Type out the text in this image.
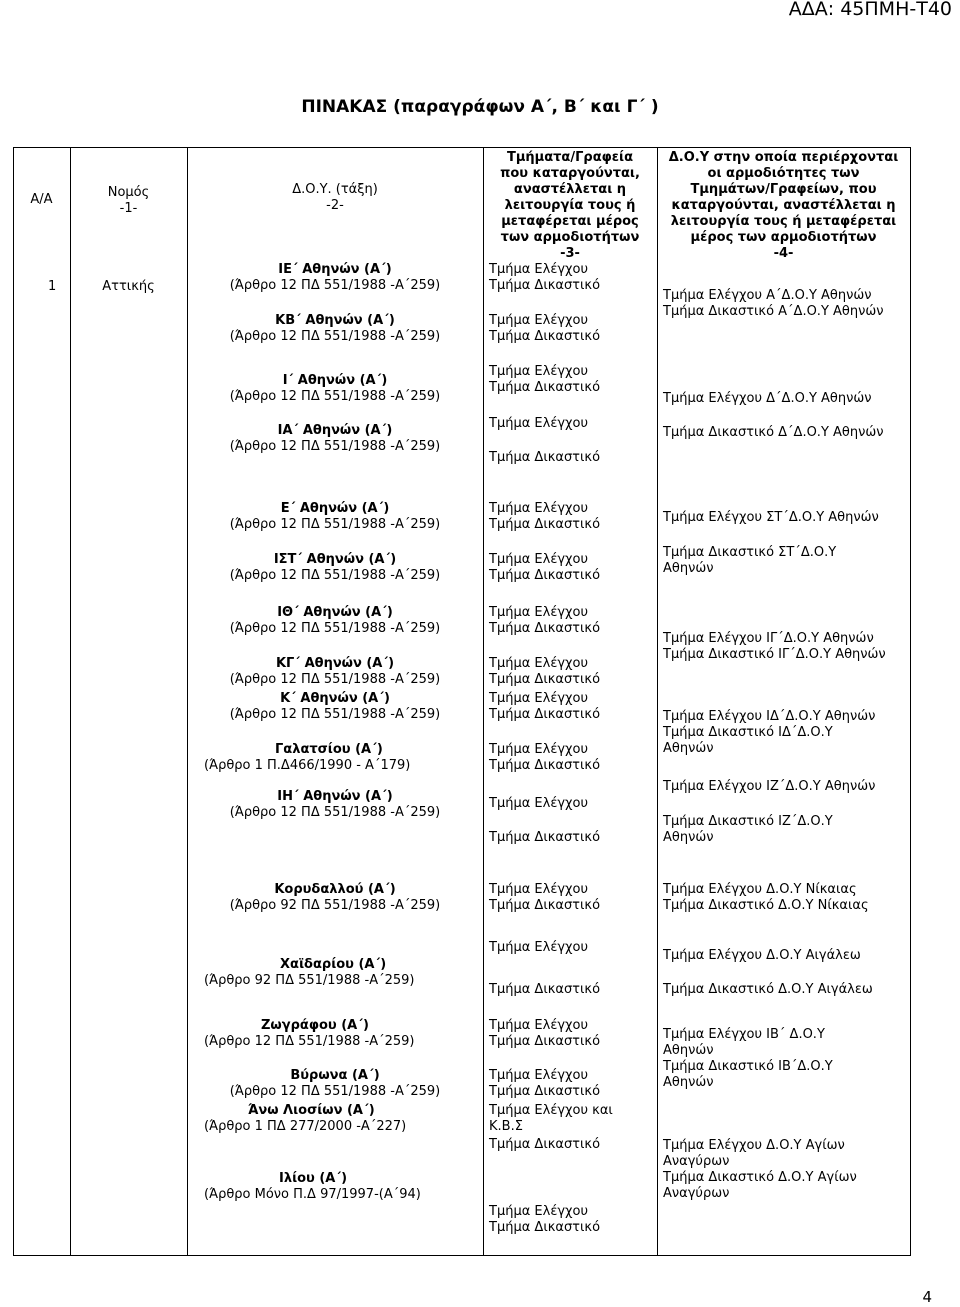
ΑΔΑ: 45ΠΜΗ-Τ40
ΠΙΝΑΚΑΣ (παραγράφων Α΄, Β΄ και Γ΄ )
Α/Α	Νομός
-1-
Δ.Ο.Υ. (τάξη)
-2-
Τμήματα/Γραφεία
που καταργούνται,
αναστέλλεται η
λειτουργία τους ή
μεταφέρεται μέρος
των αρμοδιοτήτων
-3-
Δ.Ο.Υ στην οποία περιέρχονται
οι αρμοδιότητες των
Τμημάτων/Γραφείων, που
καταργούνται, αναστέλλεται η
λειτουργία τους ή μεταφέρεται
μέρος των αρμοδιοτήτων
-4-
1	Αττικής
ΙΕ΄ Αθηνών (Α΄)
(Άρθρο 12 ΠΔ 551/1988 -Α΄259)
ΚΒ΄ Αθηνών (Α΄)
(Άρθρο 12 ΠΔ 551/1988 -Α΄259)
Ι΄ Αθηνών (Α΄)
(Άρθρο 12 ΠΔ 551/1988 -Α΄259)
ΙΑ΄ Αθηνών (Α΄)
(Άρθρο 12 ΠΔ 551/1988 -Α΄259)
Ε΄ Αθηνών (Α΄)
(Άρθρο 12 ΠΔ 551/1988 -Α΄259)
ΙΣΤ΄ Αθηνών (Α΄)
(Άρθρο 12 ΠΔ 551/1988 -Α΄259)
ΙΘ΄ Αθηνών (Α΄)
(Άρθρο 12 ΠΔ 551/1988 -Α΄259)
ΚΓ΄ Αθηνών (Α΄)
(Άρθρο 12 ΠΔ 551/1988 -Α΄259)
Κ΄ Αθηνών (Α΄)
(Άρθρο 12 ΠΔ 551/1988 -Α΄259)
Γαλατσίου (Α΄)
(Άρθρο 1 Π.Δ466/1990 - Α΄179)
ΙΗ΄ Αθηνών (Α΄)
(Άρθρο 12 ΠΔ 551/1988 -Α΄259)
Κορυδαλλού (Α΄)
(Άρθρο 92 ΠΔ 551/1988 -Α΄259)
Χαϊδαρίου (Α΄)
(Άρθρο 92 ΠΔ 551/1988 -Α΄259)
Ζωγράφου (Α΄)
(Άρθρο 12 ΠΔ 551/1988 -Α΄259)
Βύρωνα (Α΄)
(Άρθρο 12 ΠΔ 551/1988 -Α΄259)
Άνω Λιοσίων (Α΄)
(Άρθρο 1 ΠΔ 277/2000 -Α΄227)
Ιλίου (Α΄)
(Άρθρο Μόνο Π.Δ 97/1997-(Α΄94)
Τμήμα Ελέγχου
Τμήμα Δικαστικό
Τμήμα Ελέγχου
Τμήμα Δικαστικό
Τμήμα Ελέγχου
Τμήμα Δικαστικό
Τμήμα Ελέγχου
Τμήμα Δικαστικό
Τμήμα Ελέγχου
Τμήμα Δικαστικό
Τμήμα Ελέγχου
Τμήμα Δικαστικό
Τμήμα Ελέγχου
Τμήμα Δικαστικό
Τμήμα Ελέγχου
Τμήμα Δικαστικό
Τμήμα Ελέγχου
Τμήμα Δικαστικό
Τμήμα Ελέγχου
Τμήμα Δικαστικό
Τμήμα Ελέγχου
Τμήμα Δικαστικό
Τμήμα Ελέγχου
Τμήμα Δικαστικό
Τμήμα Ελέγχου
Τμήμα Δικαστικό
Τμήμα Ελέγχου
Τμήμα Δικαστικό
Τμήμα Ελέγχου
Τμήμα Δικαστικό
Τμήμα Ελέγχου και
Κ.Β.Σ
Τμήμα Δικαστικό
Τμήμα Ελέγχου
Τμήμα Δικαστικό
Τμήμα Ελέγχου Α΄Δ.Ο.Υ Αθηνών
Τμήμα Δικαστικό Α΄Δ.Ο.Υ Αθηνών
Τμήμα Ελέγχου Δ΄Δ.Ο.Υ Αθηνών
Τμήμα Δικαστικό Δ΄Δ.Ο.Υ Αθηνών
Τμήμα Ελέγχου ΣΤ΄Δ.Ο.Υ Αθηνών
Τμήμα Δικαστικό ΣΤ΄Δ.Ο.Υ
Αθηνών
Τμήμα Ελέγχου ΙΓ΄Δ.Ο.Υ Αθηνών
Τμήμα Δικαστικό ΙΓ΄Δ.Ο.Υ Αθηνών
Τμήμα Ελέγχου ΙΔ΄Δ.Ο.Υ Αθηνών
Τμήμα Δικαστικό ΙΔ΄Δ.Ο.Υ
Αθηνών
Τμήμα Ελέγχου ΙΖ΄Δ.Ο.Υ Αθηνών
Τμήμα Δικαστικό ΙΖ΄Δ.Ο.Υ
Αθηνών
Τμήμα Ελέγχου Δ.Ο.Υ Νίκαιας
Τμήμα Δικαστικό Δ.Ο.Υ Νίκαιας
Τμήμα Ελέγχου Δ.Ο.Υ Αιγάλεω
Τμήμα Δικαστικό Δ.Ο.Υ Αιγάλεω
Τμήμα Ελέγχου ΙΒ΄ Δ.Ο.Υ
Αθηνών
Τμήμα Δικαστικό ΙΒ΄Δ.Ο.Υ
Αθηνών
Τμήμα Ελέγχου Δ.Ο.Υ Αγίων
Αναγύρων
Τμήμα Δικαστικό Δ.Ο.Υ Αγίων
Αναγύρων
4
